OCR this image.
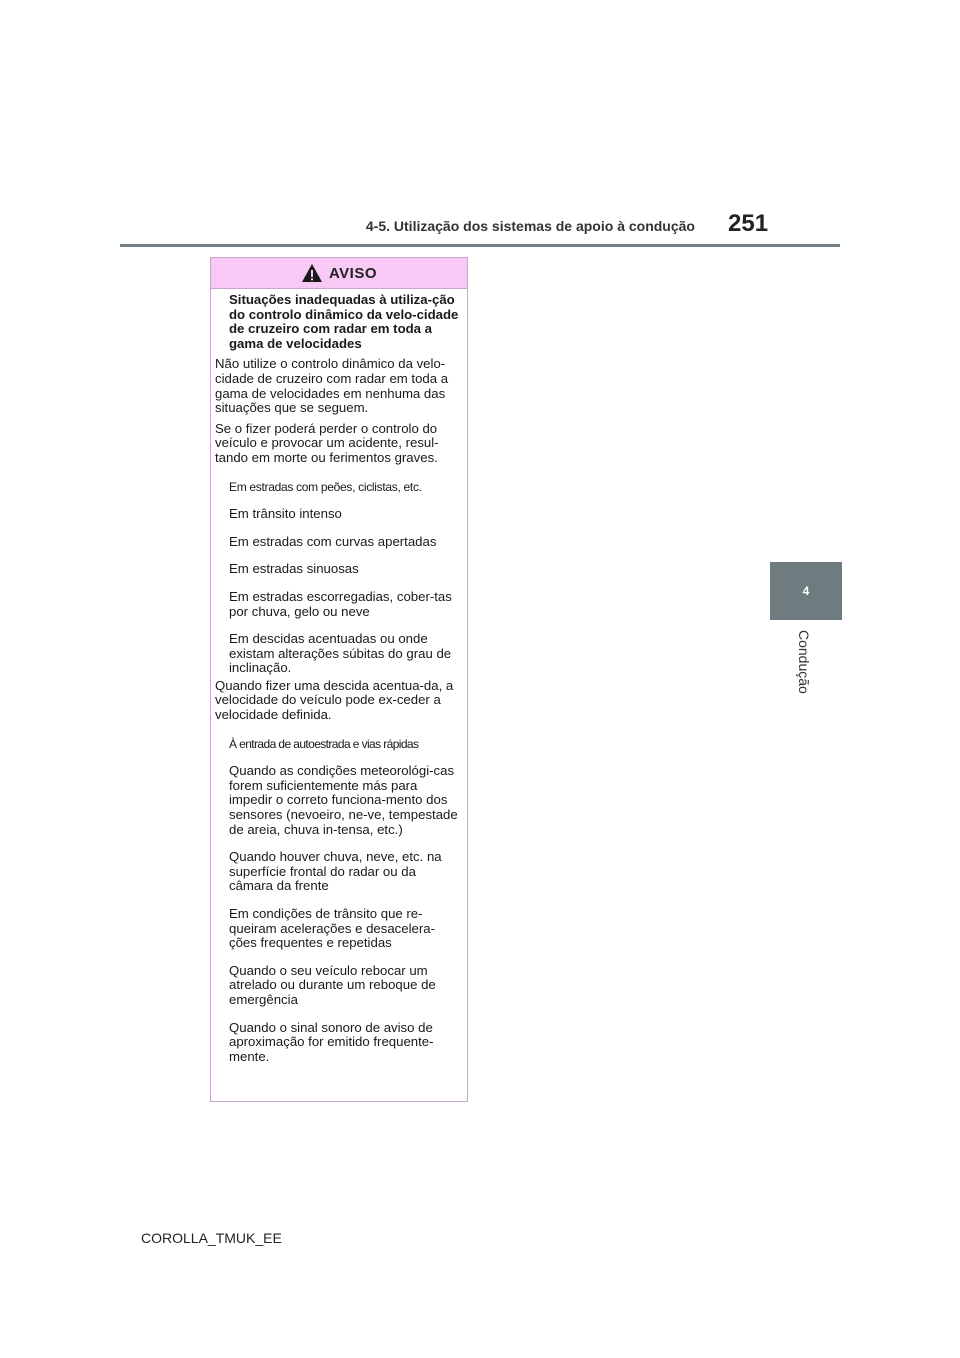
4-5. Utilização dos sistemas de apoio à condução 251
4
Condução
AVISO

Situações inadequadas à utiliza-ção do controlo dinâmico da velo-cidade de cruzeiro com radar em toda a gama de velocidades

Não utilize o controlo dinâmico da velo-cidade de cruzeiro com radar em toda a gama de velocidades em nenhuma das situações que se seguem.

Se o fizer poderá perder o controlo do veículo e provocar um acidente, resul-tando em morte ou ferimentos graves.

Em estradas com peões, ciclistas, etc.
Em trânsito intenso
Em estradas com curvas apertadas
Em estradas sinuosas
Em estradas escorregadias, cober-tas por chuva, gelo ou neve
Em descidas acentuadas ou onde existam alterações súbitas do grau de inclinação.

Quando fizer uma descida acentua-da, a velocidade do veículo pode ex-ceder a velocidade definida.

À entrada de autoestrada e vias rápidas
Quando as condições meteorológi-cas forem suficientemente más para impedir o correto funciona-mento dos sensores (nevoeiro, ne-ve, tempestade de areia, chuva in-tensa, etc.)
Quando houver chuva, neve, etc. na superfície frontal do radar ou da câmara da frente
Em condições de trânsito que re-queiram acelerações e desacelera-ções frequentes e repetidas
Quando o seu veículo rebocar um atrelado ou durante um reboque de emergência
Quando o sinal sonoro de aviso de aproximação for emitido frequente-mente.
COROLLA_TMUK_EE
